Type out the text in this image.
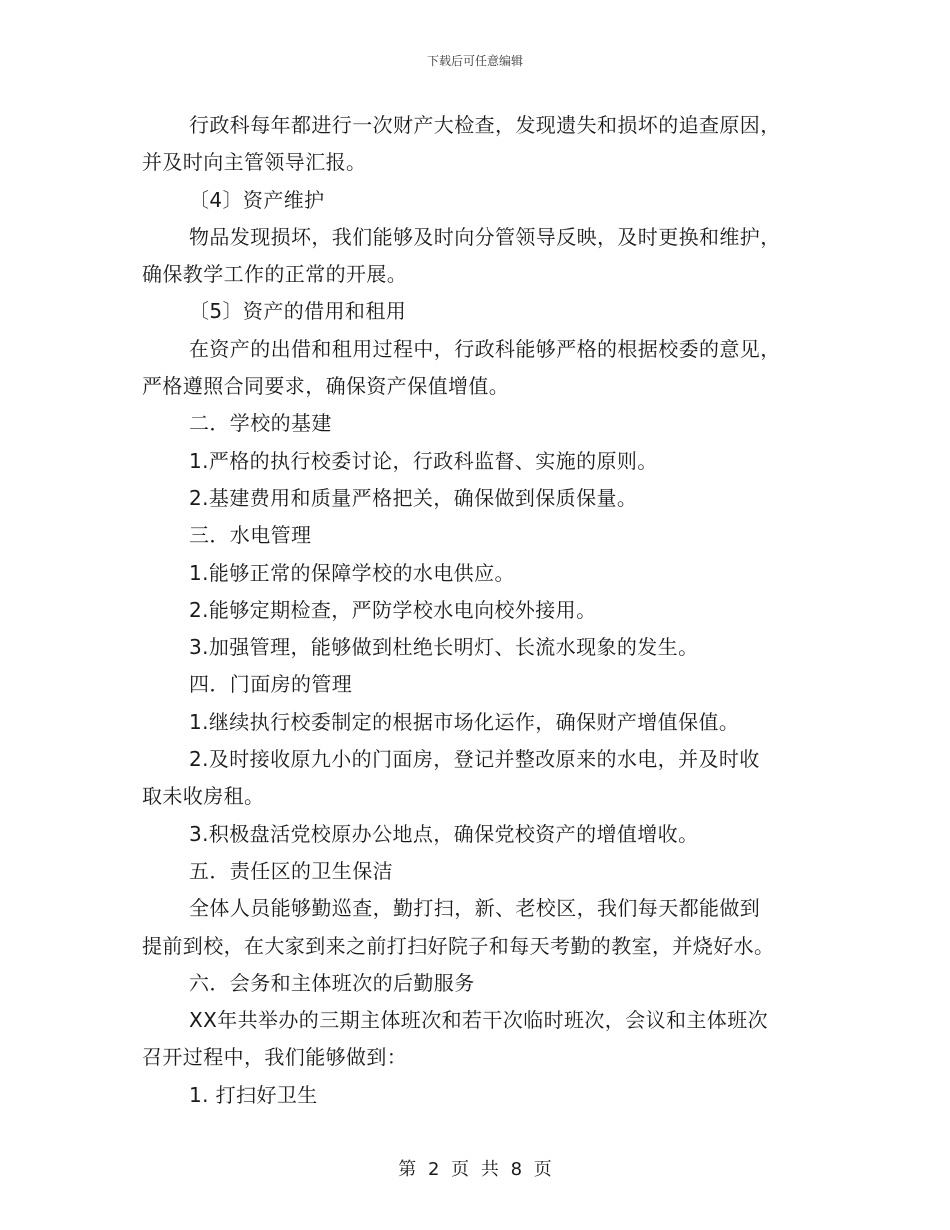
下载后可任意编辑
行政科每年都进行一次财产大检查，发现遗失和损坏的追查原因，
并及时向主管领导汇报。
〔4〕资产维护
物品发现损坏，我们能够及时向分管领导反映，及时更换和维护，
确保教学工作的正常的开展。
〔5〕资产的借用和租用
在资产的出借和租用过程中，行政科能够严格的根据校委的意见，
严格遵照合同要求，确保资产保值增值。
二．学校的基建
1.严格的执行校委讨论，行政科监督、实施的原则。
2.基建费用和质量严格把关，确保做到保质保量。
三．水电管理
1.能够正常的保障学校的水电供应。
2.能够定期检查，严防学校水电向校外接用。
3.加强管理，能够做到杜绝长明灯、长流水现象的发生。
四．门面房的管理
1.继续执行校委制定的根据市场化运作，确保财产增值保值。
2.及时接收原九小的门面房，登记并整改原来的水电，并及时收
取未收房租。
3.积极盘活党校原办公地点，确保党校资产的增值增收。
五．责任区的卫生保洁
全体人员能够勤巡查，勤打扫，新、老校区，我们每天都能做到
提前到校，在大家到来之前打扫好院子和每天考勤的教室，并烧好水。
六．会务和主体班次的后勤服务
XX年共举办的三期主体班次和若干次临时班次，会议和主体班次
召开过程中，我们能够做到：
1. 打扫好卫生
第 2 页 共 8 页
